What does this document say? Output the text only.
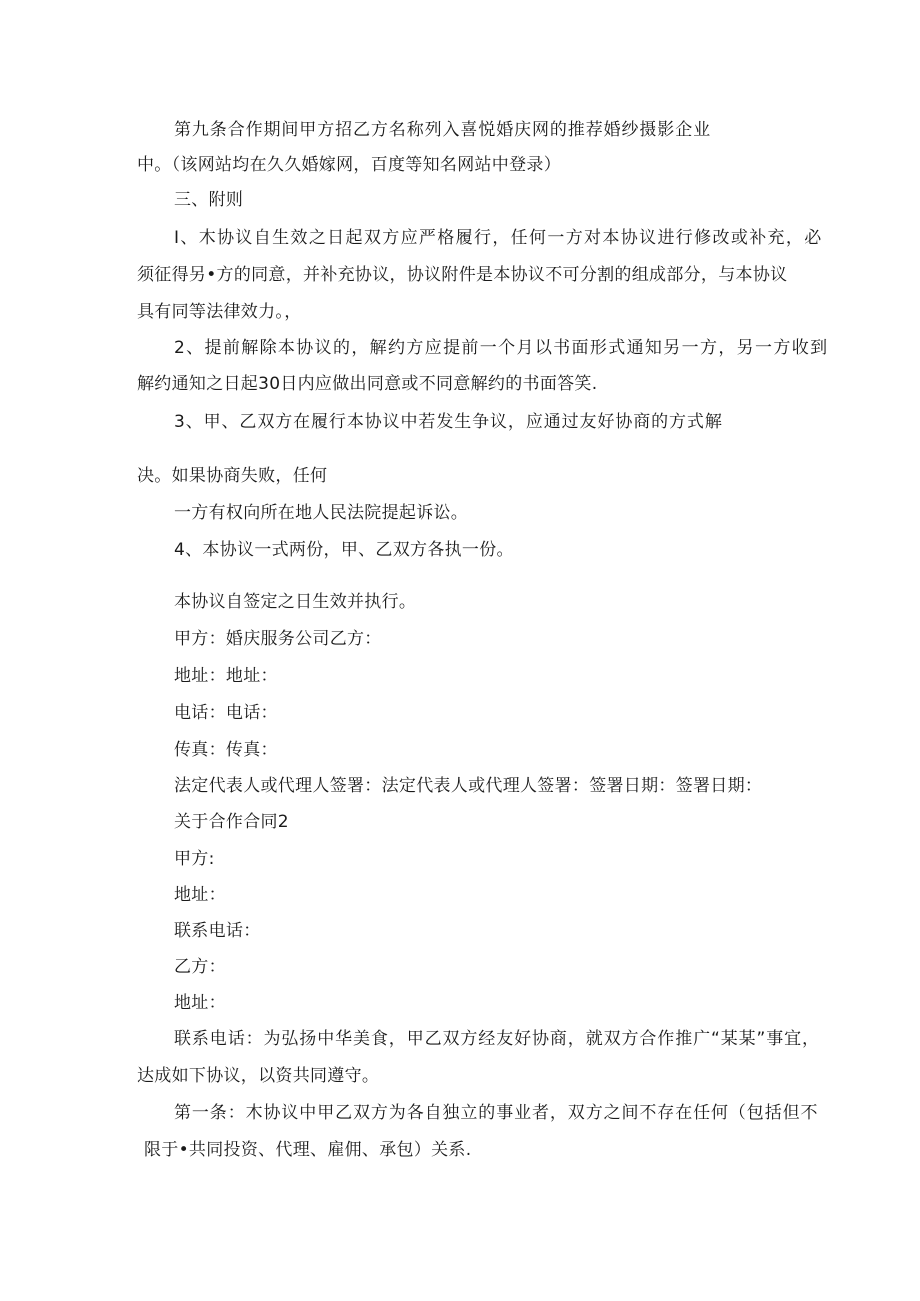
第九条合作期间甲方招乙方名称列入喜悦婚庆网的推荐婚纱摄影企业
中。（该网站均在久久婚嫁网，百度等知名网站中登录）
三、附则
I、木协议自生效之日起双方应严格履行，任何一方对本协议进行修改或补充，必
须征得另•方的同意，并补充协议，协议附件是本协议不可分割的组成部分，与本协议
具有同等法律效力。，
2、提前解除本协议的，解约方应提前一个月以书面形式通知另一方，另一方收到
解约通知之日起30日内应做出同意或不同意解约的书面答笑.
3、甲、乙双方在履行本协议中若发生争议，应通过友好协商的方式解
决。如果协商失败，任何
一方有权向所在地人民法院提起诉讼。
4、本协议一式两份，甲、乙双方各执一份。
本协议自签定之日生效并执行。
甲方：婚庆服务公司乙方：
地址：地址：
电话：电话：
传真：传真：
法定代表人或代理人签署：法定代表人或代理人签署：签署日期：签署日期：
关于合作合同2
甲方:
地址：
联系电话：
乙方：
地址：
联系电话：为弘扬中华美食，甲乙双方经友好协商，就双方合作推广“某某”事宜，
达成如下协议，以资共同遵守。
第一条：木协议中甲乙双方为各自独立的事业者，双方之间不存在任何（包括但不
限于•共同投资、代理、雇佣、承包）关系.
